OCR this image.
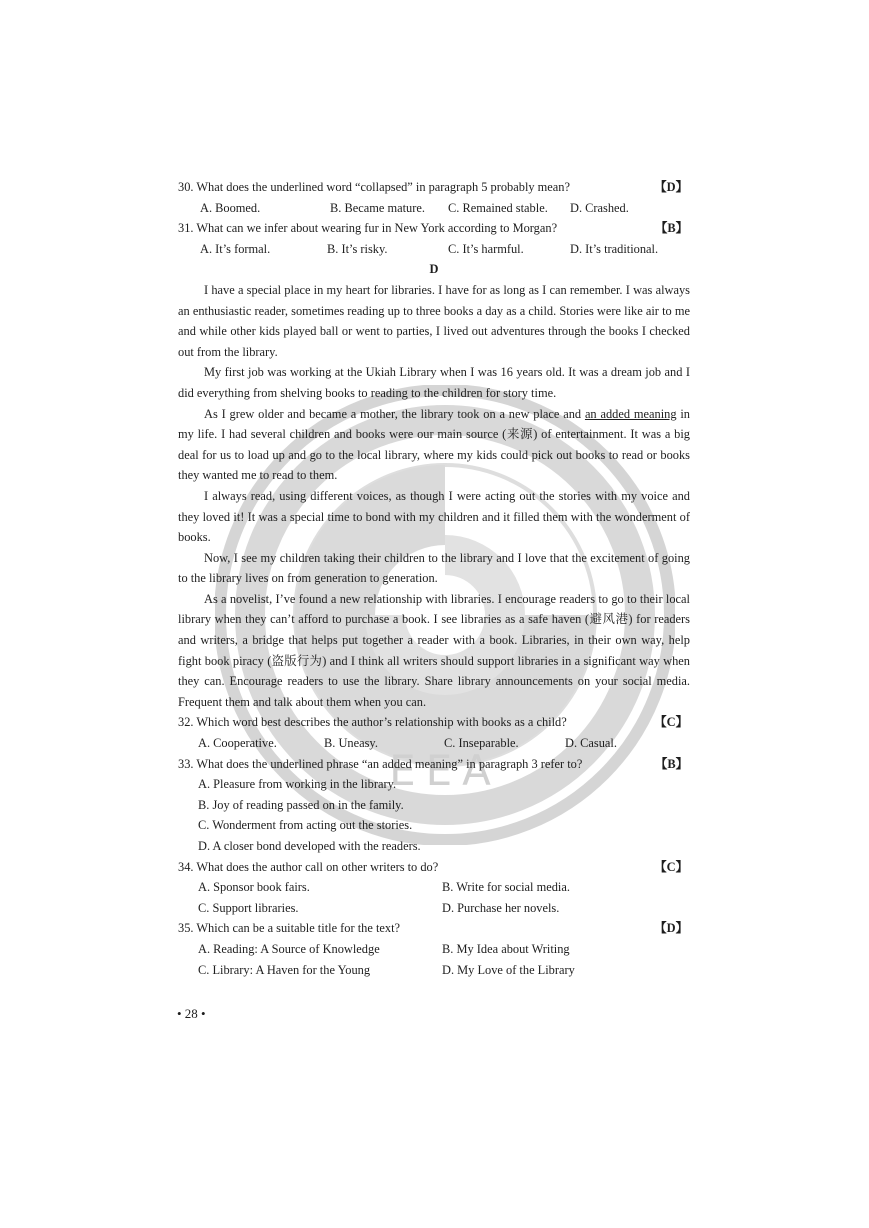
EEA
30. What does the underlined word “collapsed” in paragraph 5 probably mean?	【D】
A. Boomed.	B. Became mature. C. Remained stable. D. Crashed.
31. What can we infer about wearing fur in New York according to Morgan?	【B】
A. It’s formal.	B. It’s risky.	C. It’s harmful.	D. It’s traditional.
D

I have a special place in my heart for libraries. I have for as long as I can remember. I was always an enthusiastic reader, sometimes reading up to three books a day as a child. Stories were like air to me and while other kids played ball or went to parties, I lived out adventures through the books I checked out from the library.

My first job was working at the Ukiah Library when I was 16 years old. It was a dream job and I did everything from shelving books to reading to the children for story time.

As I grew older and became a mother, the library took on a new place and an added meaning in my life. I had several children and books were our main source (来源) of entertainment. It was a big deal for us to load up and go to the local library, where my kids could pick out books to read or books they wanted me to read to them.

I always read, using different voices, as though I were acting out the stories with my voice and they loved it! It was a special time to bond with my children and it filled them with the wonderment of books.

Now, I see my children taking their children to the library and I love that the excitement of going to the library lives on from generation to generation.

As a novelist, I’ve found a new relationship with libraries. I encourage readers to go to their local library when they can’t afford to purchase a book. I see libraries as a safe haven (避风港) for readers and writers, a bridge that helps put together a reader with a book. Libraries, in their own way, help fight book piracy (盗版行为) and I think all writers should support libraries in a significant way when they can. Encourage readers to use the library. Share library announcements on your social media. Frequent them and talk about them when you can.

32. Which word best describes the author’s relationship with books as a child?	【C】
A. Cooperative.	B. Uneasy.	C. Inseparable.	D. Casual.
33. What does the underlined phrase “an added meaning” in paragraph 3 refer to?	【B】
A. Pleasure from working in the library.
B. Joy of reading passed on in the family.
C. Wonderment from acting out the stories.
D. A closer bond developed with the readers.
34. What does the author call on other writers to do?	【C】
A. Sponsor book fairs.	B. Write for social media.
C. Support libraries.	D. Purchase her novels.
35. Which can be a suitable title for the text?	【D】
A. Reading: A Source of Knowledge	B. My Idea about Writing
C. Library: A Haven for the Young	D. My Love of the Library
• 28 •
